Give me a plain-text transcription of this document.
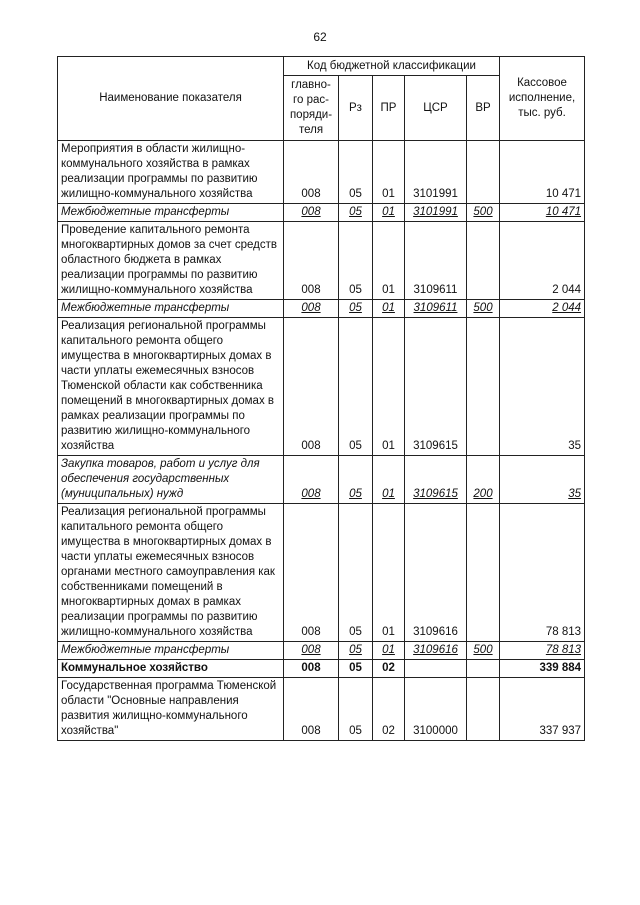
62
Наименование показателя	Код бюджетной классификации					Кассовое исполнение, тыс. руб.
	главно-го рас-поряди-теля	Рз	ПР	ЦСР	ВР	
Мероприятия в области жилищно-коммунального хозяйства в рамках реализации программы по развитию жилищно-коммунального хозяйства	008	05	01	3101991		10 471
Межбюджетные трансферты	008	05	01	3101991	500	10 471
Проведение капитального ремонта многоквартирных домов за счет средств областного бюджета в рамках реализации программы по развитию жилищно-коммунального хозяйства	008	05	01	3109611		2 044
Межбюджетные трансферты	008	05	01	3109611	500	2 044
Реализация региональной программы капитального ремонта общего имущества в многоквартирных домах в части уплаты ежемесячных взносов Тюменской области как собственника помещений в многоквартирных домах в рамках реализации программы по развитию жилищно-коммунального хозяйства	008	05	01	3109615		35
Закупка товаров, работ и услуг для обеспечения государственных (муниципальных) нужд	008	05	01	3109615	200	35
Реализация региональной программы капитального ремонта общего имущества в многоквартирных домах в части уплаты ежемесячных взносов органами местного самоуправления как собственниками помещений в многоквартирных домах в рамках реализации программы по развитию жилищно-коммунального хозяйства	008	05	01	3109616		78 813
Межбюджетные трансферты	008	05	01	3109616	500	78 813
Коммунальное хозяйство	008	05	02			339 884
Государственная программа Тюменской области "Основные направления развития жилищно-коммунального хозяйства"	008	05	02	3100000		337 937
